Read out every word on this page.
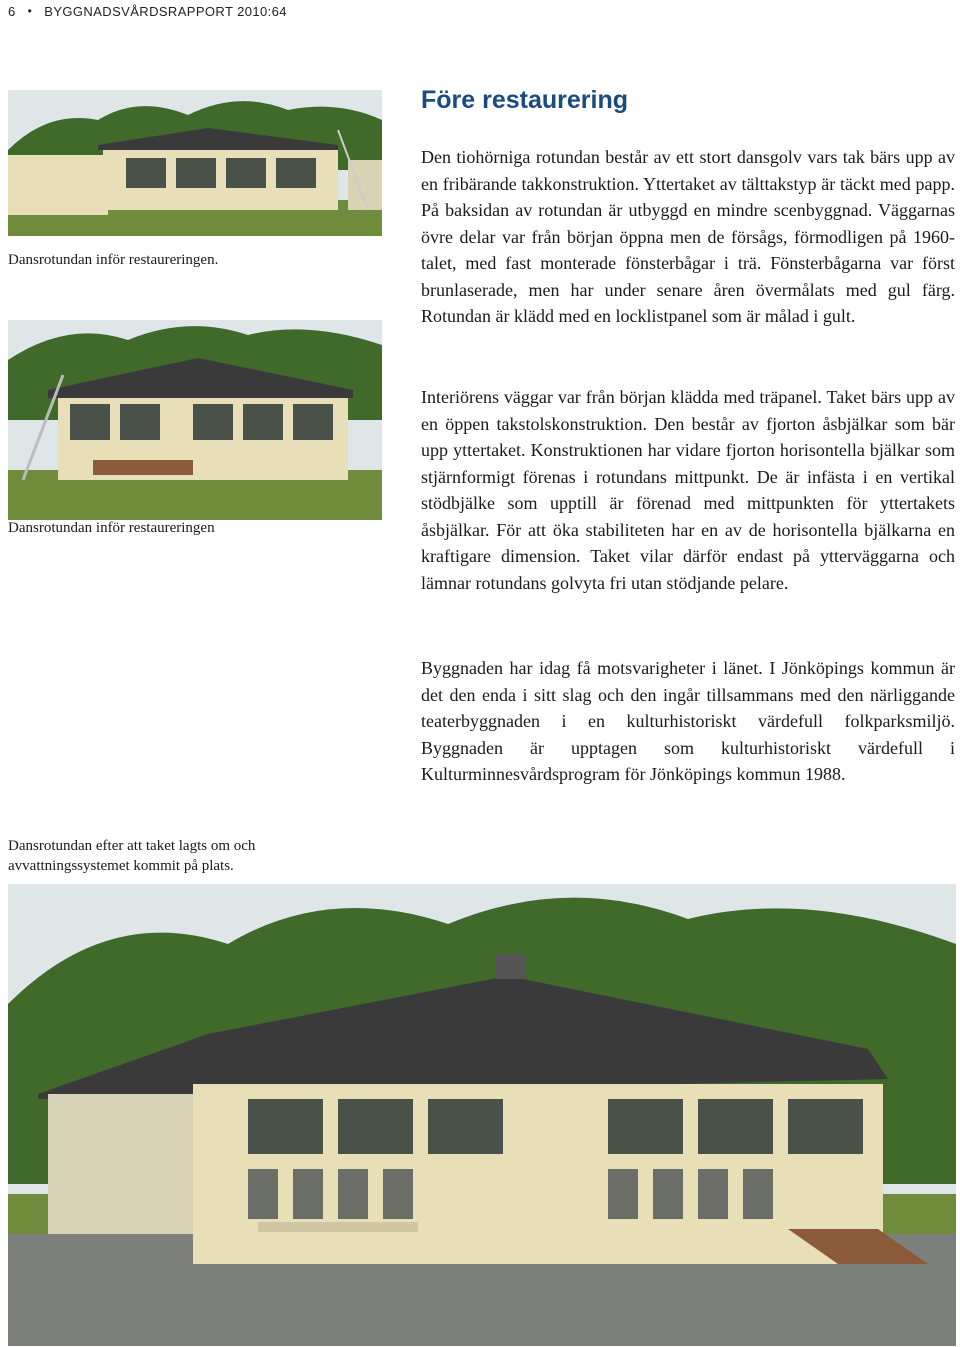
6 • BYGGNADSVÅRDSRAPPORT 2010:64
Dansrotundan inför restaureringen.
Dansrotundan inför restaureringen
Dansrotundan efter att taket lagts om och avvattningssystemet kommit på plats.
Före restaurering

Den tiohörniga rotundan består av ett stort dansgolv vars tak bärs upp av en fribärande takkonstruktion. Yttertaket av tälttakstyp är täckt med papp. På baksidan av rotundan är utbyggd en mindre scenbyggnad. Väggarnas övre delar var från början öppna men de försågs, förmodligen på 1960-talet, med fast monterade fönsterbågar i trä. Fönsterbågarna var först brunlaserade, men har under senare åren övermålats med gul färg. Rotundan är klädd med en locklistpanel som är målad i gult.

Interiörens väggar var från början klädda med träpanel. Taket bärs upp av en öppen takstolskonstruktion. Den består av fjorton åsbjälkar som bär upp yttertaket. Konstruktionen har vidare fjorton horisontella bjälkar som stjärnformigt förenas i rotundans mittpunkt. De är infästa i en vertikal stödbjälke som upptill är förenad med mittpunkten för yttertakets åsbjälkar. För att öka stabiliteten har en av de horisontella bjälkarna en kraftigare dimension. Taket vilar därför endast på ytterväggarna och lämnar rotundans golvyta fri utan stödjande pelare.

Byggnaden har idag få motsvarigheter i länet. I Jönköpings kommun är det den enda i sitt slag och den ingår tillsammans med den närliggande teaterbyggnaden i en kulturhistoriskt värdefull folkparksmiljö. Byggnaden är upptagen som kulturhistoriskt värdefull i Kulturminnesvårdsprogram för Jönköpings kommun 1988.
